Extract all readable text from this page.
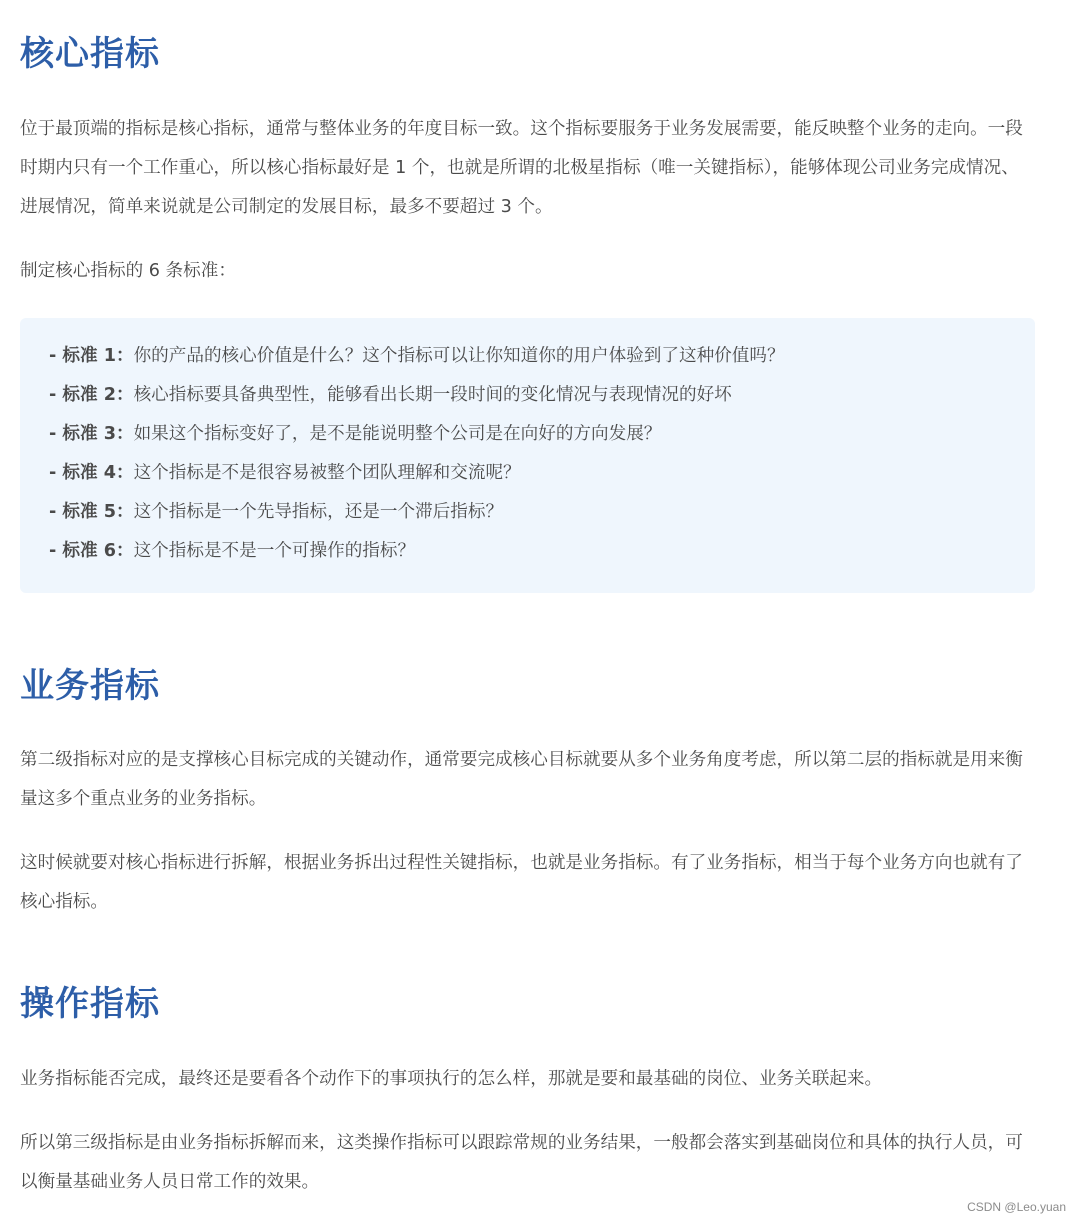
核心指标

位于最顶端的指标是核心指标，通常与整体业务的年度目标一致。这个指标要服务于业务发展需要，能反映整个业务的走向。一段时期内只有一个工作重心，所以核心指标最好是 1 个，也就是所谓的北极星指标（唯一关键指标），能够体现公司业务完成情况、进展情况，简单来说就是公司制定的发展目标，最多不要超过 3 个。

制定核心指标的 6 条标准：

- 标准 1：你的产品的核心价值是什么？这个指标可以让你知道你的用户体验到了这种价值吗？
- 标准 2：核心指标要具备典型性，能够看出长期一段时间的变化情况与表现情况的好坏
- 标准 3：如果这个指标变好了，是不是能说明整个公司是在向好的方向发展？
- 标准 4：这个指标是不是很容易被整个团队理解和交流呢？
- 标准 5：这个指标是一个先导指标，还是一个滞后指标？
- 标准 6：这个指标是不是一个可操作的指标？
业务指标

第二级指标对应的是支撑核心目标完成的关键动作，通常要完成核心目标就要从多个业务角度考虑，所以第二层的指标就是用来衡量这多个重点业务的业务指标。

这时候就要对核心指标进行拆解，根据业务拆出过程性关键指标，也就是业务指标。有了业务指标，相当于每个业务方向也就有了核心指标。

操作指标

业务指标能否完成，最终还是要看各个动作下的事项执行的怎么样，那就是要和最基础的岗位、业务关联起来。

所以第三级指标是由业务指标拆解而来，这类操作指标可以跟踪常规的业务结果，一般都会落实到基础岗位和具体的执行人员，可以衡量基础业务人员日常工作的效果。

CSDN @Leo.yuan
